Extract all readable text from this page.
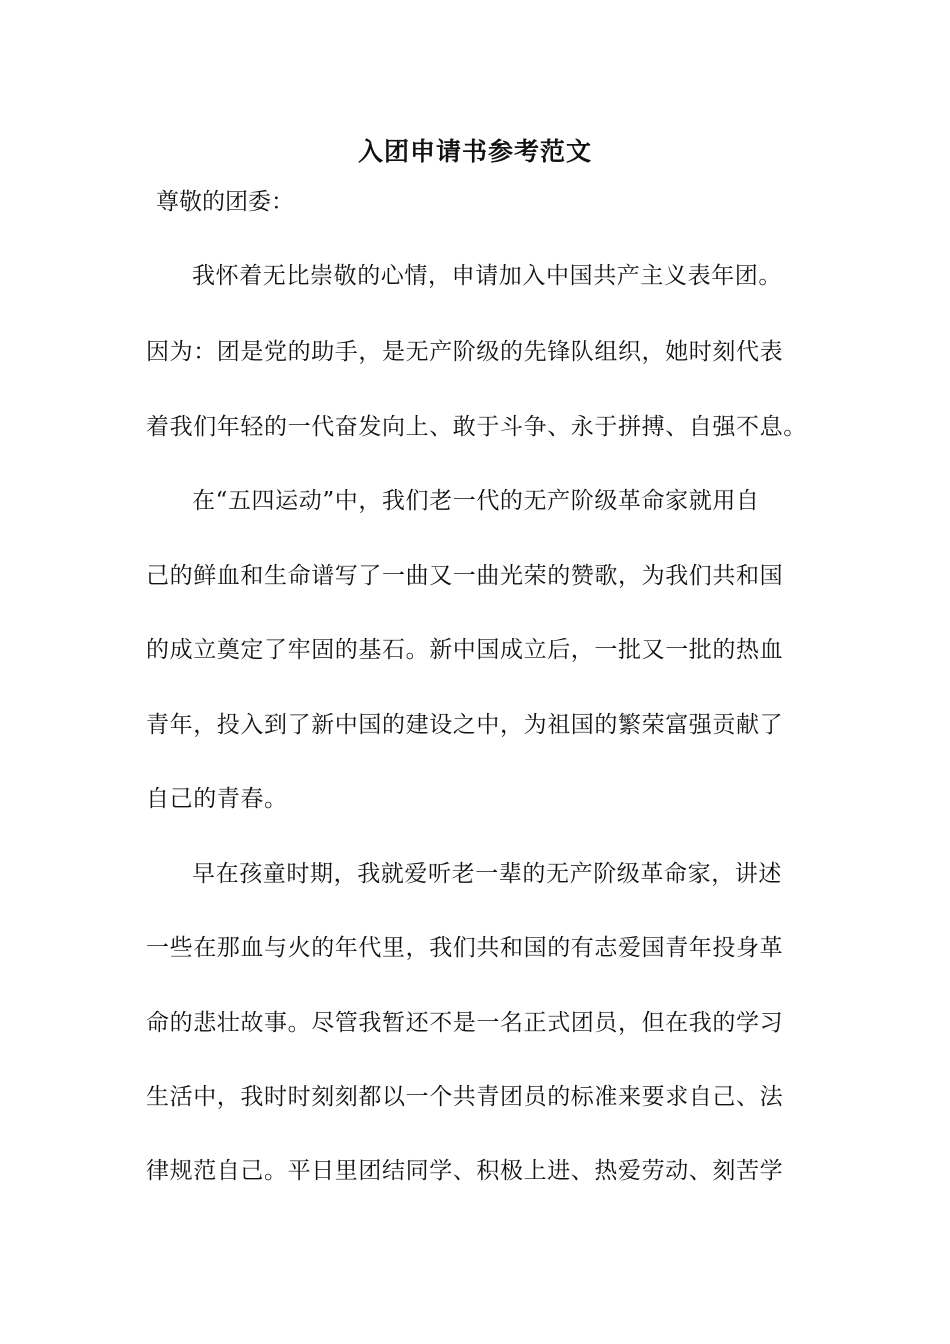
入团申请书参考范文
尊敬的团委：
我怀着无比崇敬的心情，申请加入中国共产主义表年团。
因为：团是党的助手，是无产阶级的先锋队组织，她时刻代表
着我们年轻的一代奋发向上、敢于斗争、永于拼搏、自强不息。
在“五四运动”中，我们老一代的无产阶级革命家就用自
己的鲜血和生命谱写了一曲又一曲光荣的赞歌，为我们共和国
的成立奠定了牢固的基石。新中国成立后，一批又一批的热血
青年，投入到了新中国的建设之中，为祖国的繁荣富强贡献了
自己的青春。
早在孩童时期，我就爱听老一辈的无产阶级革命家，讲述
一些在那血与火的年代里，我们共和国的有志爱国青年投身革
命的悲壮故事。尽管我暂还不是一名正式团员，但在我的学习
生活中，我时时刻刻都以一个共青团员的标准来要求自己、法
律规范自己。平日里团结同学、积极上进、热爱劳动、刻苦学
